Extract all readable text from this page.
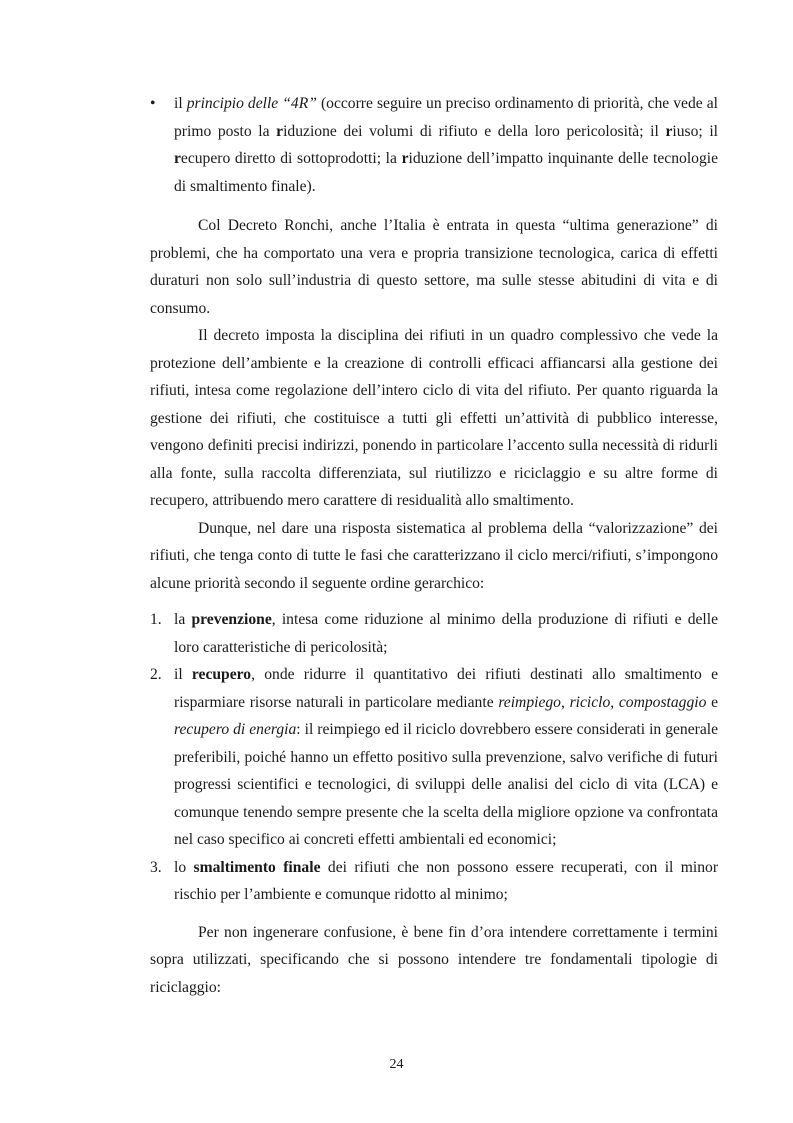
• il principio delle “4R” (occorre seguire un preciso ordinamento di priorità, che vede al primo posto la riduzione dei volumi di rifiuto e della loro pericolosità; il riuso; il recupero diretto di sottoprodotti; la riduzione dell’impatto inquinante delle tecnologie di smaltimento finale).

Col Decreto Ronchi, anche l’Italia è entrata in questa “ultima generazione” di problemi, che ha comportato una vera e propria transizione tecnologica, carica di effetti duraturi non solo sull’industria di questo settore, ma sulle stesse abitudini di vita e di consumo.

Il decreto imposta la disciplina dei rifiuti in un quadro complessivo che vede la protezione dell’ambiente e la creazione di controlli efficaci affiancarsi alla gestione dei rifiuti, intesa come regolazione dell’intero ciclo di vita del rifiuto. Per quanto riguarda la gestione dei rifiuti, che costituisce a tutti gli effetti un’attività di pubblico interesse, vengono definiti precisi indirizzi, ponendo in particolare l’accento sulla necessità di ridurli alla fonte, sulla raccolta differenziata, sul riutilizzo e riciclaggio e su altre forme di recupero, attribuendo mero carattere di residualità allo smaltimento.

Dunque, nel dare una risposta sistematica al problema della “valorizzazione” dei rifiuti, che tenga conto di tutte le fasi che caratterizzano il ciclo merci/rifiuti, s’impongono alcune priorità secondo il seguente ordine gerarchico:

1. la prevenzione, intesa come riduzione al minimo della produzione di rifiuti e delle loro caratteristiche di pericolosità;
2. il recupero, onde ridurre il quantitativo dei rifiuti destinati allo smaltimento e risparmiare risorse naturali in particolare mediante reimpiego, riciclo, compostaggio e recupero di energia: il reimpiego ed il riciclo dovrebbero essere considerati in generale preferibili, poiché hanno un effetto positivo sulla prevenzione, salvo verifiche di futuri progressi scientifici e tecnologici, di sviluppi delle analisi del ciclo di vita (LCA) e comunque tenendo sempre presente che la scelta della migliore opzione va confrontata nel caso specifico ai concreti effetti ambientali ed economici;
3. lo smaltimento finale dei rifiuti che non possono essere recuperati, con il minor rischio per l’ambiente e comunque ridotto al minimo;

Per non ingenerare confusione, è bene fin d’ora intendere correttamente i termini sopra utilizzati, specificando che si possono intendere tre fondamentali tipologie di riciclaggio:

24
